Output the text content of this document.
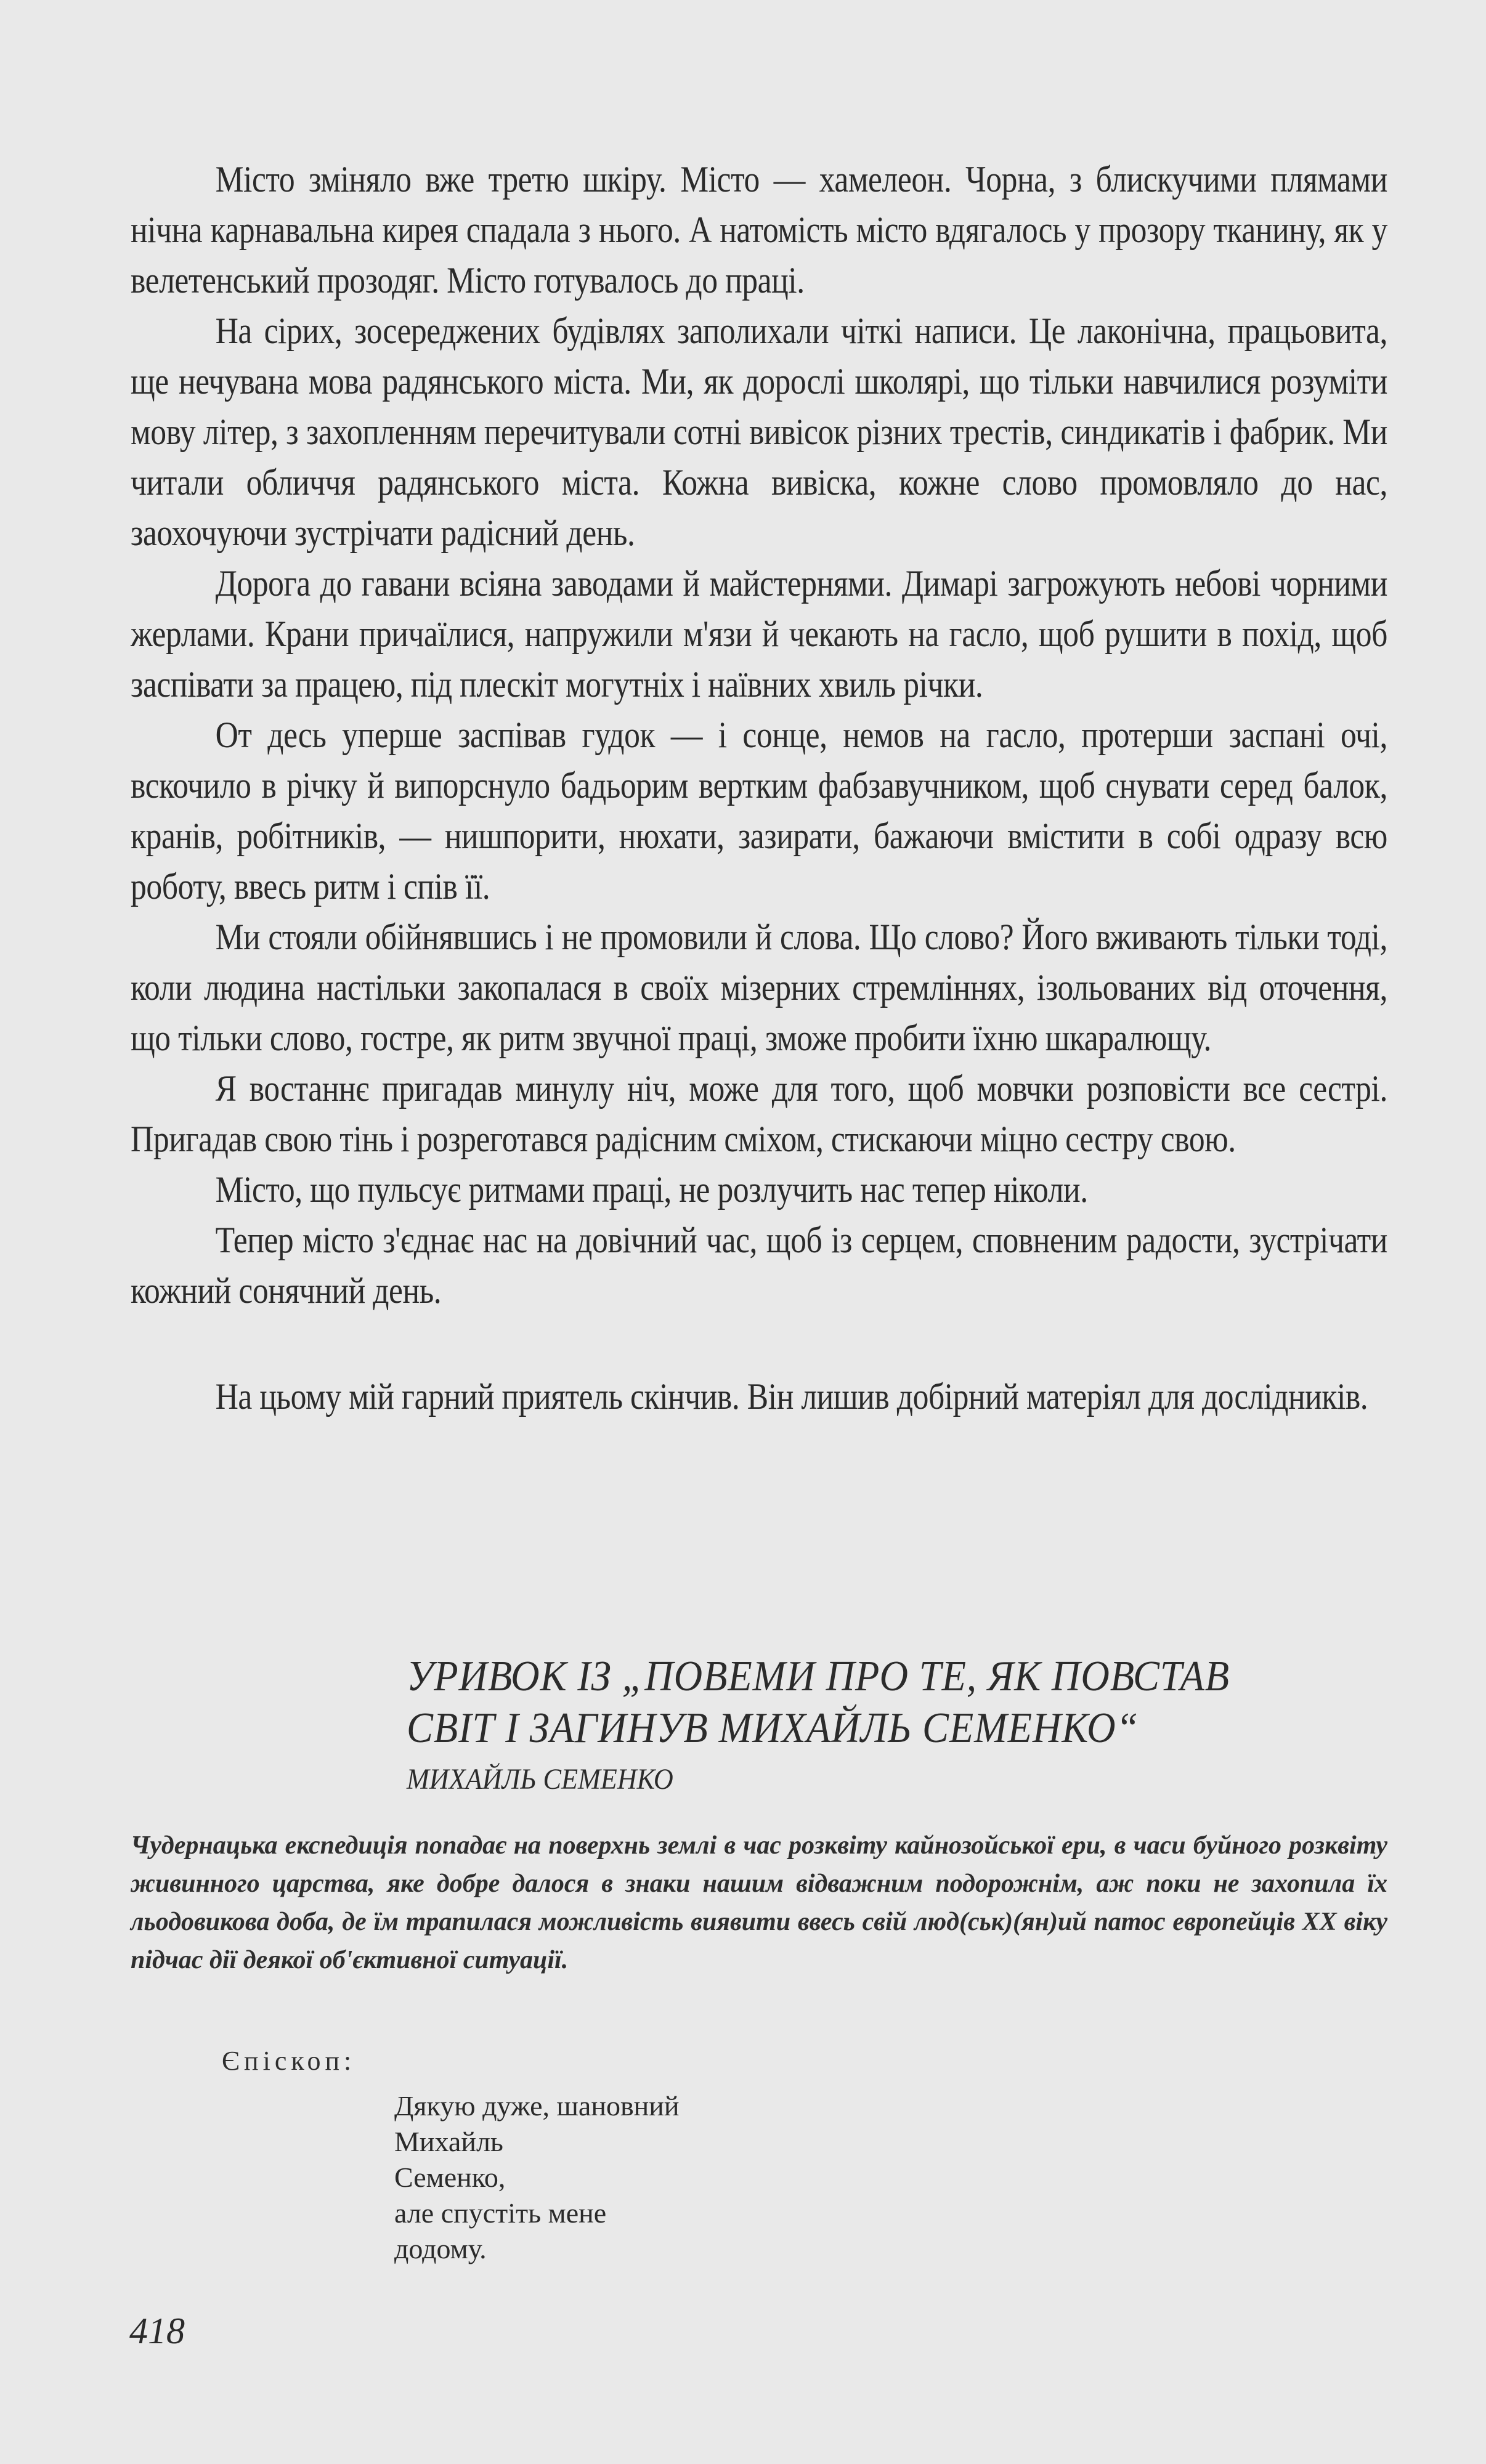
Місто зміняло вже третю шкіру. Місто — хамелеон. Чорна, з блискучими плямами нічна карнавальна кирея спадала з нього. А натомість місто вдягалось у прозору тканину, як у велетенський прозодяг. Місто готувалось до праці.

На сірих, зосереджених будівлях заполихали чіткі написи. Це лаконічна, працьовита, ще нечувана мова радянського міста. Ми, як дорослі школярі, що тільки навчилися розуміти мову літер, з захопленням перечитували сотні вивісок різних трестів, синдикатів і фабрик. Ми читали обличчя радянського міста. Кожна вивіска, кожне слово промовляло до нас, заохочуючи зустрічати радісний день.

Дорога до гавани всіяна заводами й майстернями. Димарі загрожують небові чорними жерлами. Крани причаїлися, напружили м'язи й чекають на гасло, щоб рушити в похід, щоб заспівати за працею, під плескіт могутніх і наївних хвиль річки.

От десь уперше заспівав гудок — і сонце, немов на гасло, протерши заспані очі, вскочило в річку й випорснуло бадьорим вертким фабзавучником, щоб снувати серед балок, кранів, робітників, — нишпорити, нюхати, зазирати, бажаючи вмістити в собі одразу всю роботу, ввесь ритм і спів її.

Ми стояли обійнявшись і не промовили й слова. Що слово? Його вживають тільки тоді, коли людина настільки закопалася в своїх мізерних стремліннях, ізольованих від оточення, що тільки слово, гостре, як ритм звучної праці, зможе пробити їхню шкаралющу.

Я востаннє пригадав минулу ніч, може для того, щоб мовчки розповісти все сестрі. Пригадав свою тінь і розреготався радісним сміхом, стискаючи міцно сестру свою.

Місто, що пульсує ритмами праці, не розлучить нас тепер ніколи.

Тепер місто з'єднає нас на довічний час, щоб із серцем, сповненим радости, зустрічати кожний сонячний день.

На цьому мій гарний приятель скінчив. Він лишив добірний матеріял для дослідників.

УРИВОК ІЗ „ПОВЕМИ ПРО ТЕ, ЯК ПОВСТАВ
СВІТ І ЗАГИНУВ МИХАЙЛЬ СЕМЕНКО“
МИХАЙЛЬ СЕМЕНКО

Чудернацька експедиція попадає на поверхнь землі в час розквіту кайнозойської ери, в часи буйного розквіту живинного царства, яке добре далося в знаки нашим відважним подорожнім, аж поки не захопила їх льодовикова доба, де їм трапилася можливість виявити ввесь свій люд(ськ)(ян)ий патос европейців XX віку підчас дії деякої об'єктивної ситуації.

Єпіскоп:
Дякую дуже, шановний
Михайль
Семенко,
але спустіть мене
додому.
418
